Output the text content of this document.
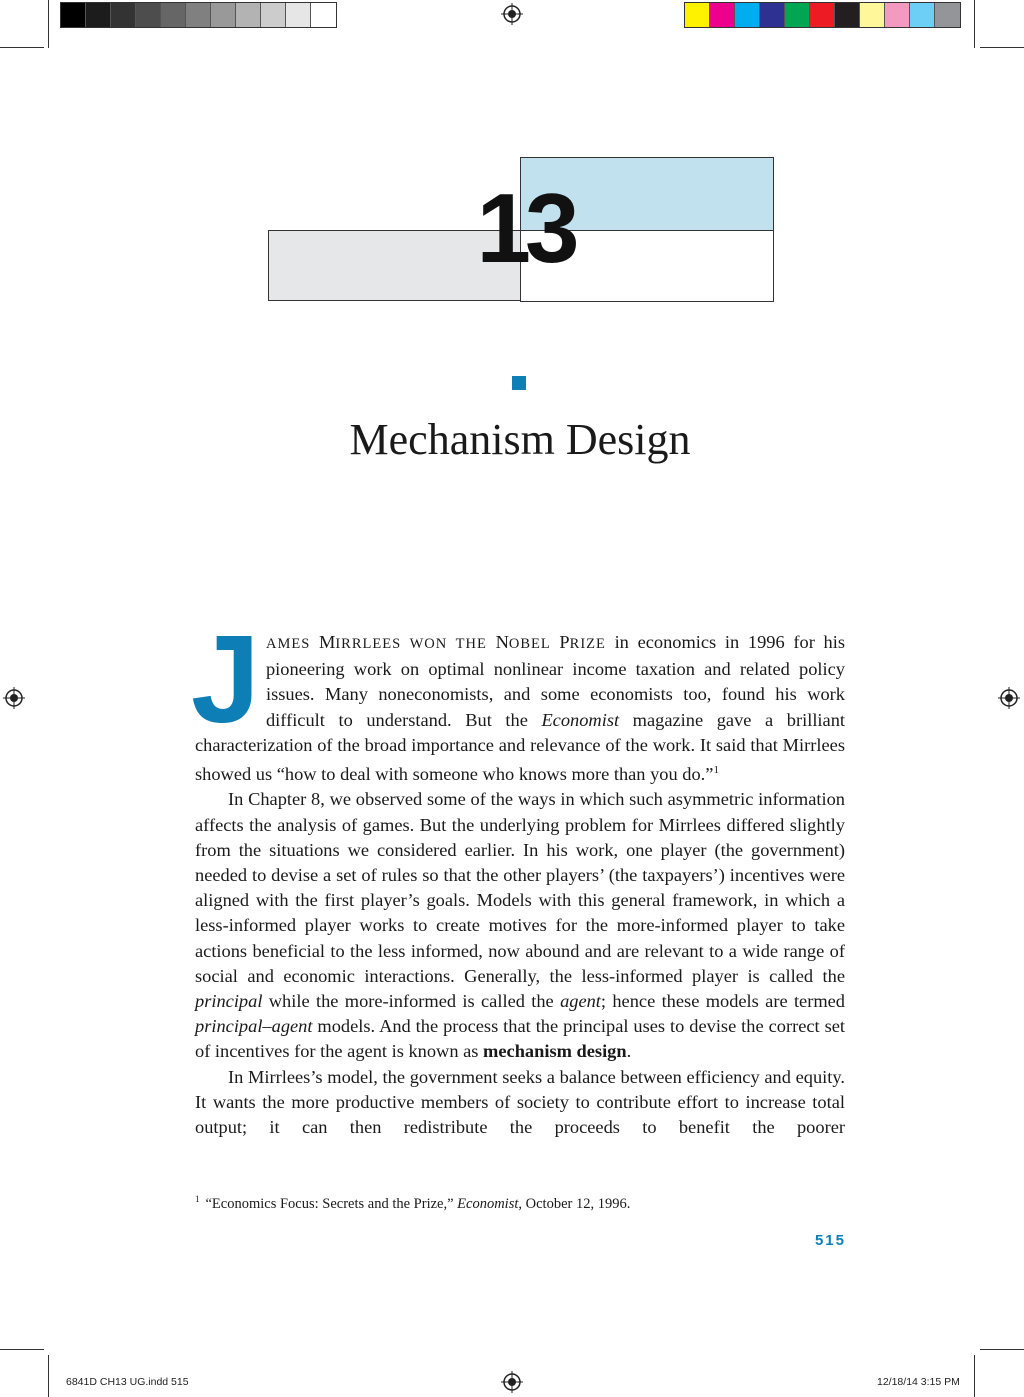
13
Mechanism Design

JAMES MIRRLEES WON THE NOBEL PRIZE in economics in 1996 for his pioneering work on optimal nonlinear income taxation and related policy issues. Many noneconomists, and some economists too, found his work difficult to understand. But the Economist magazine gave a brilliant characterization of the broad importance and relevance of the work. It said that Mirrlees showed us “how to deal with someone who knows more than you do.”$^1$

In Chapter 8, we observed some of the ways in which such asymmetric information affects the analysis of games. But the underlying problem for Mirrlees differed slightly from the situations we considered earlier. In his work, one player (the government) needed to devise a set of rules so that the other players’ (the taxpayers’) incentives were aligned with the first player’s goals. Models with this general framework, in which a less-informed player works to create motives for the more-informed player to take actions beneficial to the less informed, now abound and are relevant to a wide range of social and economic interactions. Generally, the less-informed player is called the principal while the more-informed is called the agent; hence these models are termed principal–agent models. And the process that the principal uses to devise the correct set of incentives for the agent is known as mechanism design.

In Mirrlees’s model, the government seeks a balance between efficiency and equity. It wants the more productive members of society to contribute effort to increase total output; it can then redistribute the proceeds to benefit the poorer

$^1$ “Economics Focus: Secrets and the Prize,” Economist, October 12, 1996.
515
6841D CH13 UG.indd 515	12/18/14 3:15 PM
